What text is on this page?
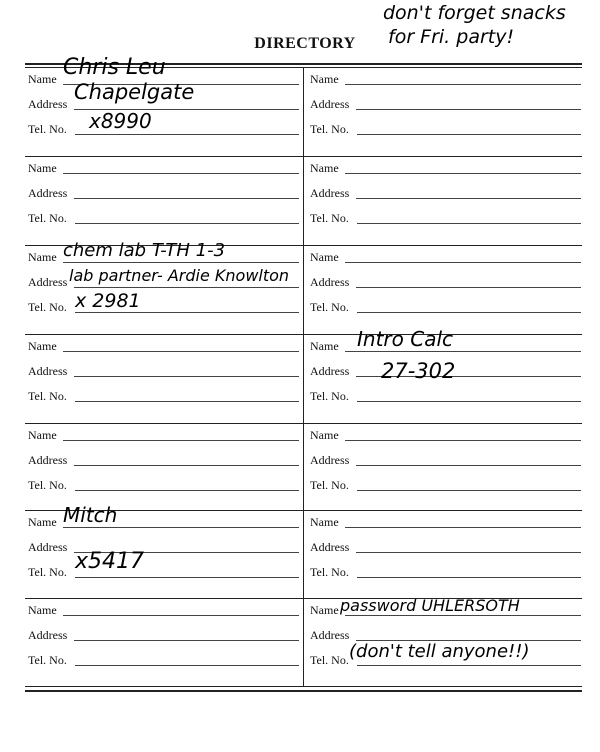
DIRECTORY
don't forget snacks
for Fri. party!
Name Chris Leu
Address Chapelgate
Tel. No. x8990
Name
Address
Tel. No.
Name
Address
Tel. No.
Name
Address
Tel. No.
Name chem lab T-TH 1-3
Address lab partner- Ardie Knowlton
Tel. No. x 2981
Name
Address
Tel. No.
Name
Address
Tel. No.
Name Intro Calc
Address 27-302
Tel. No.
Name
Address
Tel. No.
Name
Address
Tel. No.
Name Mitch
Address
Tel. No. x5417
Name
Address
Tel. No.
Name
Address
Tel. No.
Name password UHLERSOTH
Address
Tel. No. (don't tell anyone!!)
